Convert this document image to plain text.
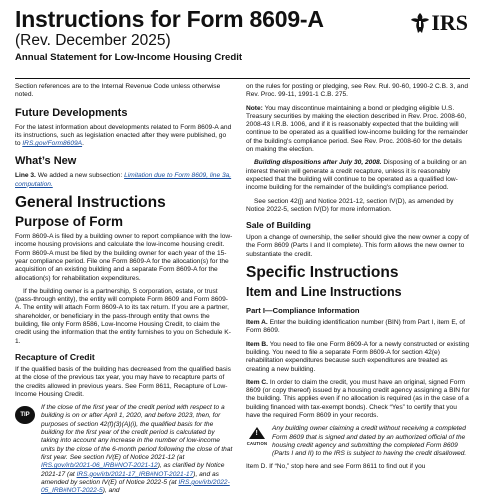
Instructions for Form 8609-A
(Rev. December 2025)
Annual Statement for Low-Income Housing Credit
IRS
Section references are to the Internal Revenue Code unless otherwise noted.
Future Developments
For the latest information about developments related to Form 8609-A and its instructions, such as legislation enacted after they were published, go to IRS.gov/Form8609A.
What’s New
Line 3. We added a new subsection: Limitation due to Form 8609, line 3a, computation.
General Instructions
Purpose of Form
Form 8609-A is filed by a building owner to report compliance with the low-income housing provisions and calculate the low-income housing credit. Form 8609-A must be filed by the building owner for each year of the 15-year compliance period. File one Form 8609-A for the allocation(s) for the acquisition of an existing building and a separate Form 8609-A for the allocation(s) for rehabilitation expenditures.
If the building owner is a partnership, S corporation, estate, or trust (pass-through entity), the entity will complete Form 8609 and Form 8609-A. The entity will attach Form 8609-A to its tax return. If you are a partner, shareholder, or beneficiary in the pass-through entity that owns the building, file only Form 8586, Low-Income Housing Credit, to claim the credit using the information that the entity furnishes to you on Schedule K-1.
Recapture of Credit
If the qualified basis of the building has decreased from the qualified basis at the close of the previous tax year, you may have to recapture parts of the credits allowed in previous years. See Form 8611, Recapture of Low-Income Housing Credit.
TIP
If the close of the first year of the credit period with respect to a building is on or after April 1, 2020, and before 2023, then, for purposes of section 42(f)(3)(A)(i), the qualified basis for the building for the first year of the credit period is calculated by taking into account any increase in the number of low-income units by the close of the 6-month period following the close of that first year. See section IV(E) of Notice 2021-12 (at IRS.gov/irb/2021-06_IRB#NOT-2021-12), as clarified by Notice 2021-17 (at IRS.gov/irb/2021-17_IRB#NOT-2021-17), and as amended by section IV(E) of Notice 2022-5 (at IRS.gov/irb/2022-05_IRB#NOT-2022-5), and
on the rules for posting or pledging, see Rev. Rul. 90-60, 1990-2 C.B. 3, and Rev. Proc. 99-11, 1991-1 C.B. 275.
Note: You may discontinue maintaining a bond or pledging eligible U.S. Treasury securities by making the election described in Rev. Proc. 2008-60, 2008-43 I.R.B. 1006, and if it is reasonably expected that the building will continue to be operated as a qualified low-income building for the remainder of the building's compliance period. See Rev. Proc. 2008-60 for the details on making the election.
Building dispositions after July 30, 2008. Disposing of a building or an interest therein will generate a credit recapture, unless it is reasonably expected that the building will continue to be operated as a qualified low-income building for the remainder of the building's compliance period.
See section 42(j) and Notice 2021-12, section IV(D), as amended by Notice 2022-5, section IV(D) for more information.
Sale of Building
Upon a change of ownership, the seller should give the new owner a copy of the Form 8609 (Parts I and II complete). This form allows the new owner to substantiate the credit.
Specific Instructions
Item and Line Instructions
Part I—Compliance Information
Item A. Enter the building identification number (BIN) from Part I, item E, of Form 8609.
Item B. You need to file one Form 8609-A for a newly constructed or existing building. You need to file a separate Form 8609-A for section 42(e) rehabilitation expenditures because such expenditures are treated as creating a new building.
Item C. In order to claim the credit, you must have an original, signed Form 8609 (or copy thereof) issued by a housing credit agency assigning a BIN for the building. This applies even if no allocation is required (as in the case of a building financed with tax-exempt bonds). Check “Yes” to certify that you have the required Form 8609 in your records.
!
CAUTION
Any building owner claiming a credit without receiving a completed Form 8609 that is signed and dated by an authorized official of the housing credit agency and submitting the completed Form 8609 (Parts I and II) to the IRS is subject to having the credit disallowed.
Item D. If “No,” stop here and see Form 8611 to find out if you
